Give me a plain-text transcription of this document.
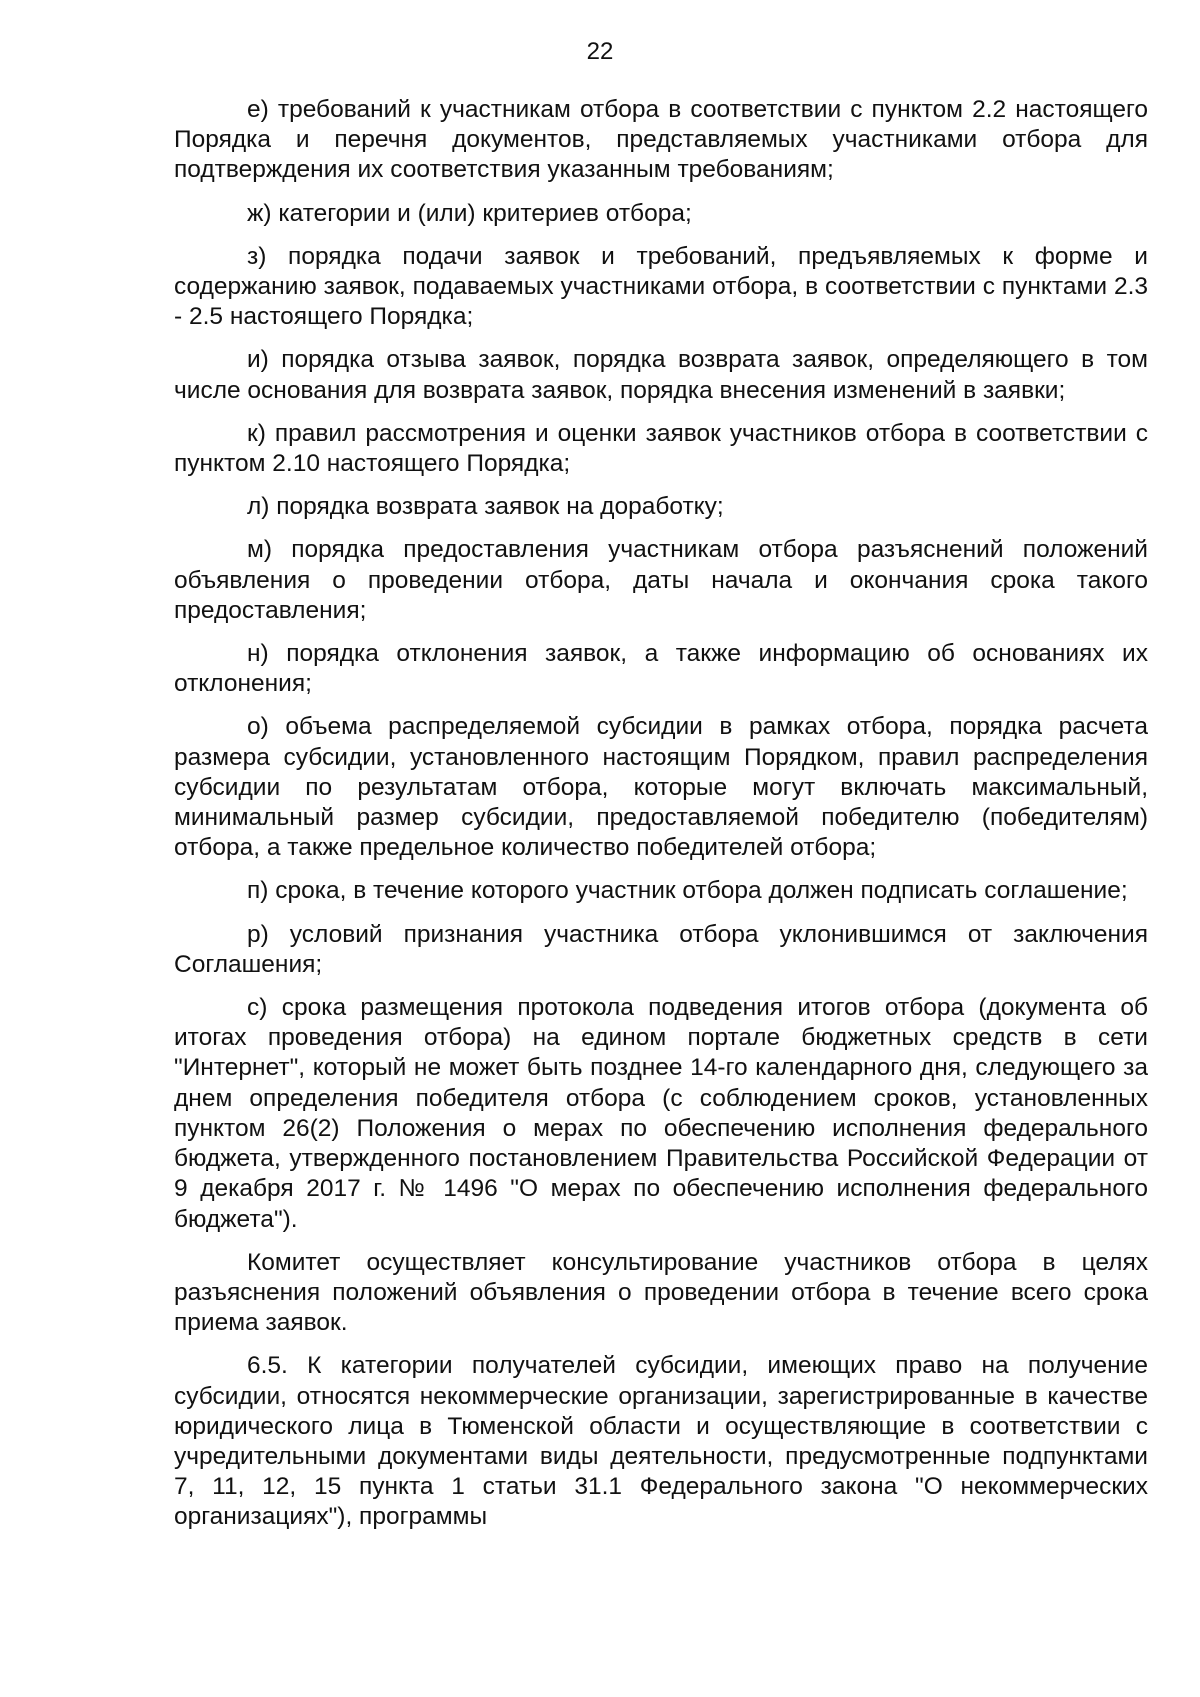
22

е) требований к участникам отбора в соответствии с пунктом 2.2 настоящего Порядка и перечня документов, представляемых участниками отбора для подтверждения их соответствия указанным требованиям;

ж) категории и (или) критериев отбора;

з) порядка подачи заявок и требований, предъявляемых к форме и содержанию заявок, подаваемых участниками отбора, в соответствии с пунктами 2.3 - 2.5 настоящего Порядка;

и) порядка отзыва заявок, порядка возврата заявок, определяющего в том числе основания для возврата заявок, порядка внесения изменений в заявки;

к) правил рассмотрения и оценки заявок участников отбора в соответствии с пунктом 2.10 настоящего Порядка;

л) порядка возврата заявок на доработку;

м) порядка предоставления участникам отбора разъяснений положений объявления о проведении отбора, даты начала и окончания срока такого предоставления;

н) порядка отклонения заявок, а также информацию об основаниях их отклонения;

о) объема распределяемой субсидии в рамках отбора, порядка расчета размера субсидии, установленного настоящим Порядком, правил распределения субсидии по результатам отбора, которые могут включать максимальный, минимальный размер субсидии, предоставляемой победителю (победителям) отбора, а также предельное количество победителей отбора;

п) срока, в течение которого участник отбора должен подписать соглашение;

р) условий признания участника отбора уклонившимся от заключения Соглашения;

с) срока размещения протокола подведения итогов отбора (документа об итогах проведения отбора) на едином портале бюджетных средств в сети "Интернет", который не может быть позднее 14-го календарного дня, следующего за днем определения победителя отбора (с соблюдением сроков, установленных пунктом 26(2) Положения о мерах по обеспечению исполнения федерального бюджета, утвержденного постановлением Правительства Российской Федерации от 9 декабря 2017 г. № 1496 "О мерах по обеспечению исполнения федерального бюджета").

Комитет осуществляет консультирование участников отбора в целях разъяснения положений объявления о проведении отбора в течение всего срока приема заявок.

6.5. К категории получателей субсидии, имеющих право на получение субсидии, относятся некоммерческие организации, зарегистрированные в качестве юридического лица в Тюменской области и осуществляющие в соответствии с учредительными документами виды деятельности, предусмотренные подпунктами 7, 11, 12, 15 пункта 1 статьи 31.1 Федерального закона "О некоммерческих организациях"), программы
